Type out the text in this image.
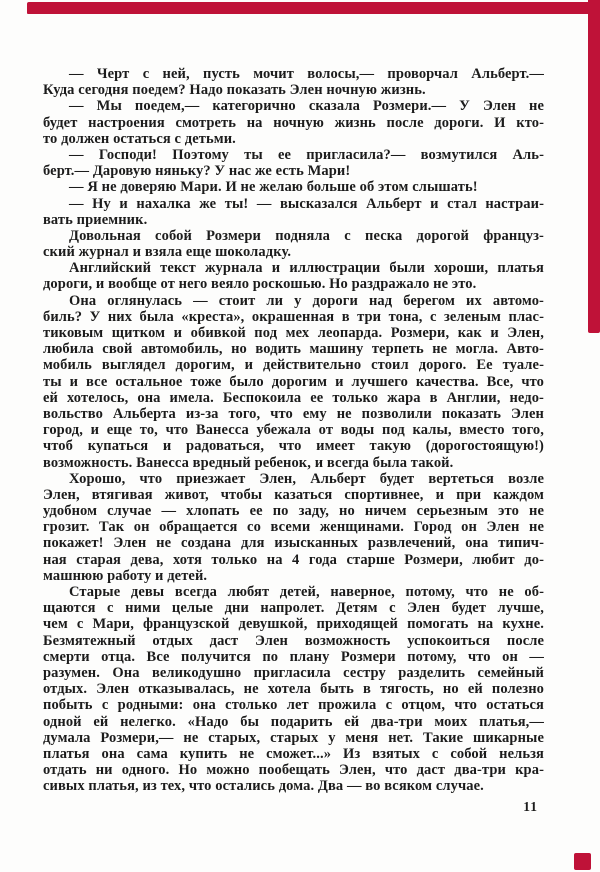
— Черт с ней, пусть мочит волосы,— проворчал Альберт.—
Куда сегодня поедем? Надо показать Элен ночную жизнь.
— Мы поедем,— категорично сказала Розмери.— У Элен не
будет настроения смотреть на ночную жизнь после дороги. И кто-
то должен остаться с детьми.
— Господи! Поэтому ты ее пригласила?— возмутился Аль-
берт.— Даровую няньку? У нас же есть Мари!
— Я не доверяю Мари. И не желаю больше об этом слышать!
— Ну и нахалка же ты! — высказался Альберт и стал настраи-
вать приемник.
Довольная собой Розмери подняла с песка дорогой француз-
ский журнал и взяла еще шоколадку.
Английский текст журнала и иллюстрации были хороши, платья
дороги, и вообще от него веяло роскошью. Но раздражало не это.
Она оглянулась — стоит ли у дороги над берегом их автомо-
биль? У них была «креста», окрашенная в три тона, с зеленым плас-
тиковым щитком и обивкой под мех леопарда. Розмери, как и Элен,
любила свой автомобиль, но водить машину терпеть не могла. Авто-
мобиль выглядел дорогим, и действительно стоил дорого. Ее туале-
ты и все остальное тоже было дорогим и лучшего качества. Все, что
ей хотелось, она имела. Беспокоила ее только жара в Англии, недо-
вольство Альберта из-за того, что ему не позволили показать Элен
город, и еще то, что Ванесса убежала от воды под калы, вместо того,
чтоб купаться и радоваться, что имеет такую (дорогостоящую!)
возможность. Ванесса вредный ребенок, и всегда была такой.
Хорошо, что приезжает Элен, Альберт будет вертеться возле
Элен, втягивая живот, чтобы казаться спортивнее, и при каждом
удобном случае — хлопать ее по заду, но ничем серьезным это не
грозит. Так он обращается со всеми женщинами. Город он Элен не
покажет! Элен не создана для изысканных развлечений, она типич-
ная старая дева, хотя только на 4 года старше Розмери, любит до-
машнюю работу и детей.
Старые девы всегда любят детей, наверное, потому, что не об-
щаются с ними целые дни напролет. Детям с Элен будет лучше,
чем с Мари, французской девушкой, приходящей помогать на кухне.
Безмятежный отдых даст Элен возможность успокоиться после
смерти отца. Все получится по плану Розмери потому, что он —
разумен. Она великодушно пригласила сестру разделить семейный
отдых. Элен отказывалась, не хотела быть в тягость, но ей полезно
побыть с родными: она столько лет прожила с отцом, что остаться
одной ей нелегко. «Надо бы подарить ей два-три моих платья,—
думала Розмери,— не старых, старых у меня нет. Такие шикарные
платья она сама купить не сможет...» Из взятых с собой нельзя
отдать ни одного. Но можно пообещать Элен, что даст два-три кра-
сивых платья, из тех, что остались дома. Два — во всяком случае.
11
